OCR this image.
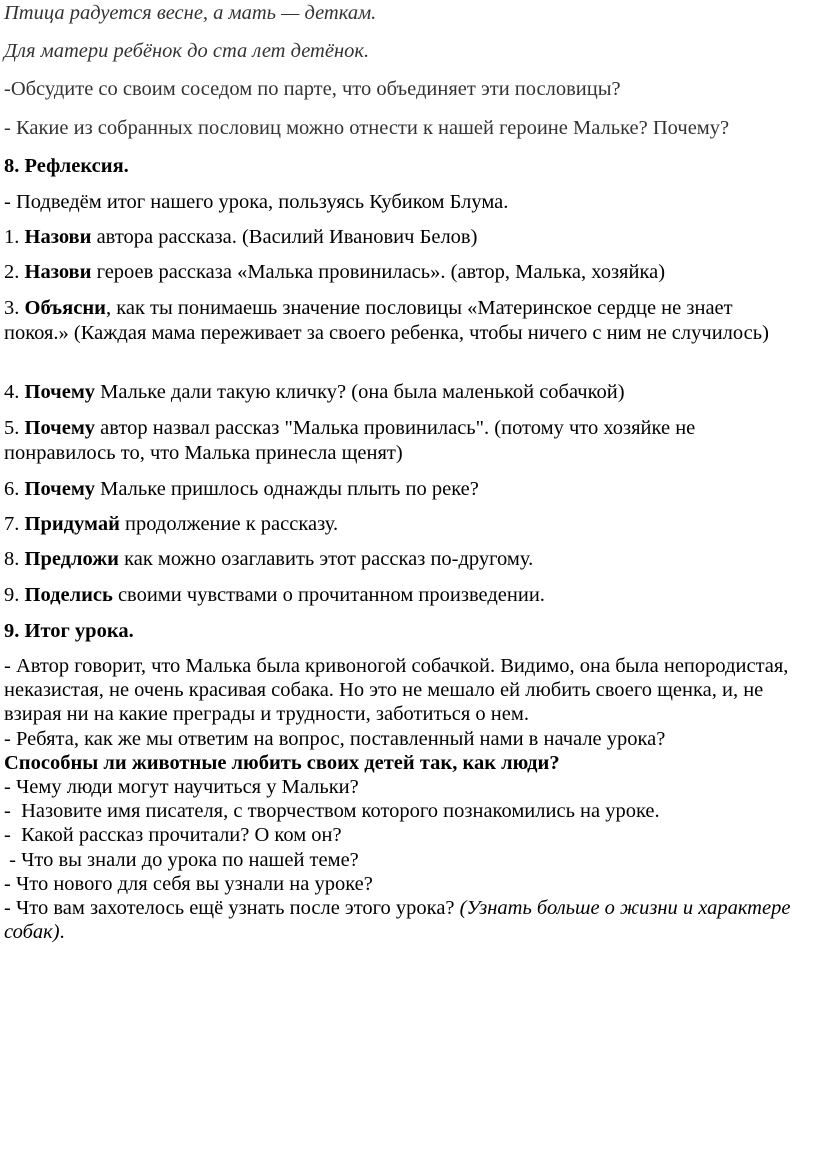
Птица радуется весне, а мать — деткам.

Для матери ребёнок до ста лет детёнок.

-Обсудите со своим соседом по парте, что объединяет эти пословицы?

- Какие из собранных пословиц можно отнести к нашей героине Мальке? Почему?

8. Рефлексия.

- Подведём итог нашего урока, пользуясь Кубиком Блума.

1. Назови автора рассказа. (Василий Иванович Белов)

2. Назови героев рассказа «Малька провинилась». (автор, Малька, хозяйка)

3. Объясни, как ты понимаешь значение пословицы «Материнское сердце не знает покоя.» (Каждая мама переживает за своего ребенка, чтобы ничего с ним не случилось)

4. Почему Мальке дали такую кличку? (она была маленькой собачкой)

5. Почему автор назвал рассказ "Малька провинилась". (потому что хозяйке не понравилось то, что Малька принесла щенят)

6. Почему Мальке пришлось однажды плыть по реке?

7. Придумай продолжение к рассказу.

8. Предложи как можно озаглавить этот рассказ по-другому.

9. Поделись своими чувствами о прочитанном произведении.

9. Итог урока.

- Автор говорит, что Малька была кривоногой собачкой. Видимо, она была непородистая, неказистая, не очень красивая собака. Но это не мешало ей любить своего щенка, и, не взирая ни на какие преграды и трудности, заботиться о нем.

- Ребята, как же мы ответим на вопрос, поставленный нами в начале урока?

Способны ли животные любить своих детей так, как люди?

- Чему люди могут научиться у Мальки?

-  Назовите имя писателя, с творчеством которого познакомились на уроке.

-  Какой рассказ прочитали? О ком он?

- Что вы знали до урока по нашей теме?

- Что нового для себя вы узнали на уроке?

- Что вам захотелось ещё узнать после этого урока? (Узнать больше о жизни и характере собак).
